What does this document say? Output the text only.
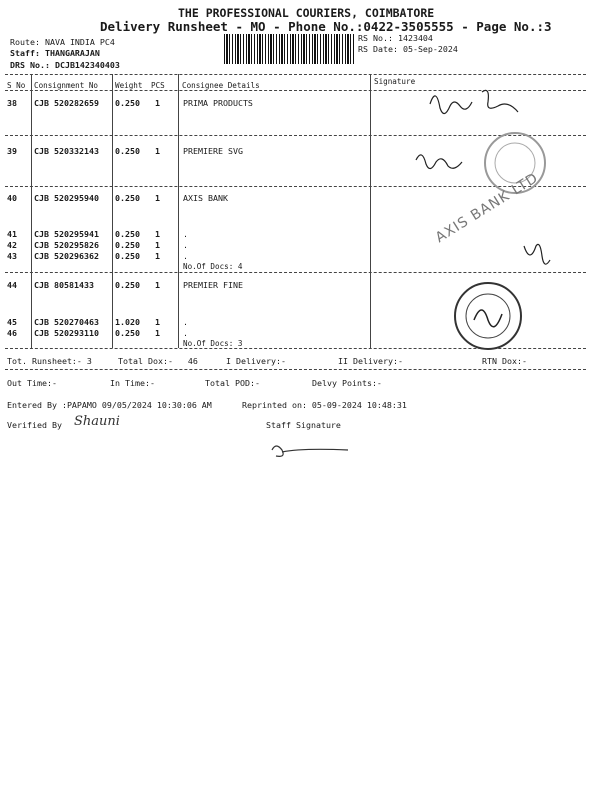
THE PROFESSIONAL COURIERS, COIMBATORE
Delivery Runsheet - MO - Phone No.:0422-3505555 - Page No.:3
Route: NAVA INDIA PC4
Staff: THANGARAJAN
DRS No.: DCJB142340403
RS No.: 1423404
RS Date: 05-Sep-2024
S No Consignment No Weight PCS Consignee Details	Signature
38 CJB 520282659 0.250 1	PRIMA PRODUCTS
39 CJB 520332143 0.250 1	PREMIERE SVG
40 CJB 520295940 0.250 1	AXIS BANK
41 CJB 520295941 0.250 1	.
42 CJB 520295826 0.250 1	.
43 CJB 520296362 0.250 1	.
No.Of Docs: 4
44 CJB 80581433	0.250 1	PREMIER FINE
45 CJB 520270463 1.020 1	.
46 CJB 520293110 0.250 1	.
No.Of Docs: 3
AXIS BANK LTD
Tot. Runsheet:- 3	Total Dox:-   46	I Delivery:-	II Delivery:-	RTN Dox:-
Out Time:-	In Time:-	Total POD:-	Delvy Points:-
Entered By :PAPAMO 09/05/2024 10:30:06 AM	Reprinted on: 05-09-2024 10:48:31
Verified By Shauni	Staff Signature
